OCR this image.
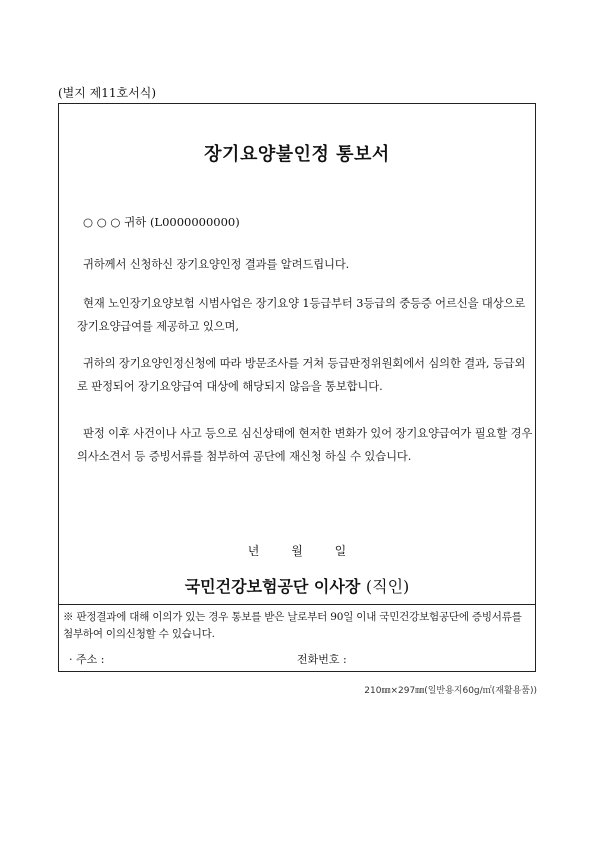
(별지 제11호서식)
장기요양불인정 통보서
○ ○ ○ 귀하 (L0000000000)
귀하께서 신청하신 장기요양인정 결과를 알려드립니다.
현재 노인장기요양보험 시범사업은 장기요양 1등급부터 3등급의 중등증 어르신을 대상으로 장기요양급여를 제공하고 있으며,
귀하의 장기요양인정신청에 따라 방문조사를 거쳐 등급판정위원회에서 심의한 결과, 등급외로 판정되어 장기요양급여 대상에 해당되지 않음을 통보합니다.
판정 이후 사건이나 사고 등으로 심신상태에 현저한 변화가 있어 장기요양급여가 필요할 경우 의사소견서 등 증빙서류를 첨부하여 공단에 재신청 하실 수 있습니다.
년	월	일
국민건강보험공단 이사장 (직인)
※ 판정결과에 대해 이의가 있는 경우 통보를 받은 날로부터 90일 이내 국민건강보험공단에 증빙서류를 첨부하여 이의신청할 수 있습니다.
· 주소 :	전화번호 :
210㎜×297㎜(일반용지60g/㎡(재활용품))
